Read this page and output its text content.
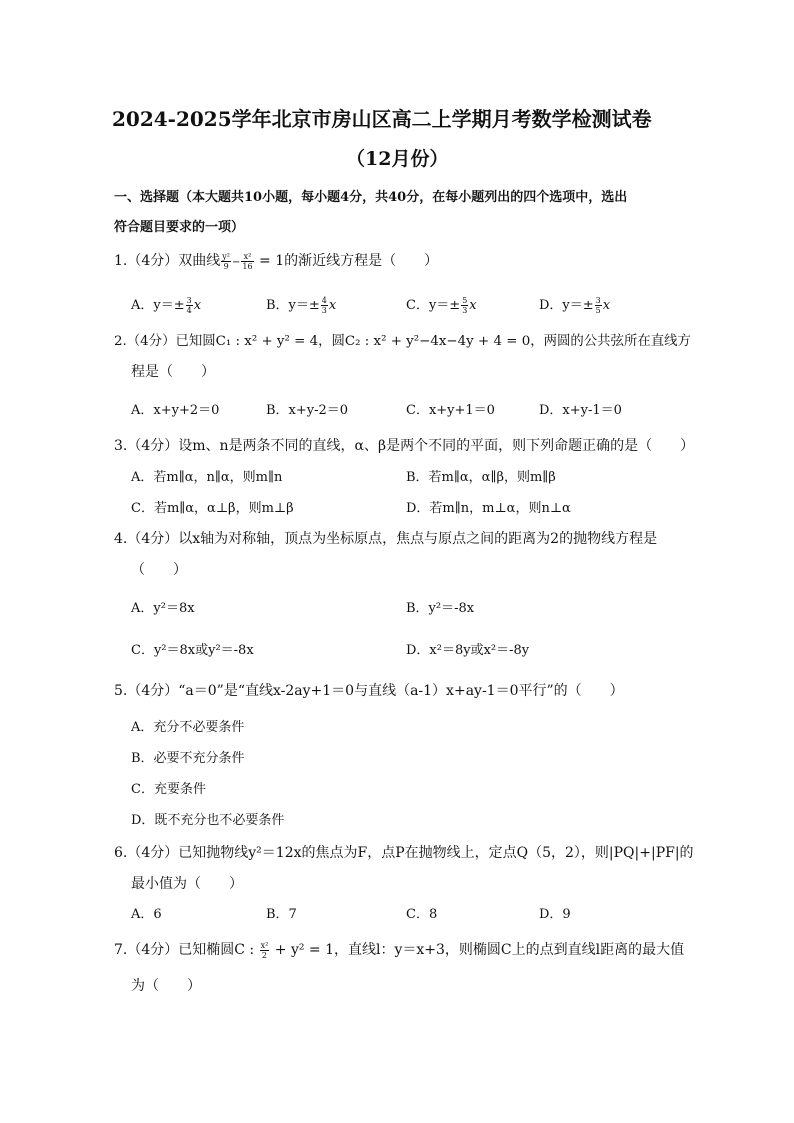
2024-2025学年北京市房山区高二上学期月考数学检测试卷
（12月份）
一、选择题（本大题共10小题，每小题4分，共40分，在每小题列出的四个选项中，选出
符合题目要求的一项）
1.（4分）双曲线 $\frac{\text{y²}}{9} - \frac{\text{x²}}{16} = 1$的渐近线方程是（　　）
A．$y=\pm \frac{3}{4}$ x	B．$y=\pm \frac{4}{3}$ x	C．$y=\pm \frac{5}{3}$ x	D．$y=\pm \frac{3}{5}$ x
2.（4分）已知圆C₁ : x² + y² = 4，圆C₂ : x² + y²−4x−4y + 4 = 0，两圆的公共弦所在直线方
程是（　　）
A．x+y+2＝0	B．x+y-2＝0	C．x+y+1＝0	D．x+y-1＝0
3.（4分）设m、n是两条不同的直线，α、β是两个不同的平面，则下列命题正确的是（　　）
A．若m∥α，n∥α，则m∥n	B．若m∥α，α∥β，则m∥β
C．若m∥α，α⊥β，则m⊥β	D．若m∥n，m⊥α，则n⊥α
4.（4分）以x轴为对称轴，顶点为坐标原点，焦点与原点之间的距离为2的抛物线方程是
（　　）
A．y²＝8x	B．y²＝-8x
C．y²＝8x或y²＝-8x	D．x²＝8y或x²＝-8y
5.（4分）“a＝0”是“直线x-2ay+1＝0与直线（a-1）x+ay-1＝0平行”的（　　）
A．充分不必要条件
B．必要不充分条件
C．充要条件
D．既不充分也不必要条件
6.（4分）已知抛物线y²＝12x的焦点为F，点P在抛物线上，定点Q（5，2），则|PQ|+|PF|的
最小值为（　　）
A．6	B．7	C．8	D．9
7.（4分）已知椭圆C : $\frac{\text{x²}}{2} + y^2 = 1$，直线l：y＝x+3，则椭圆C上的点到直线l距离的最大值
为（　　）
